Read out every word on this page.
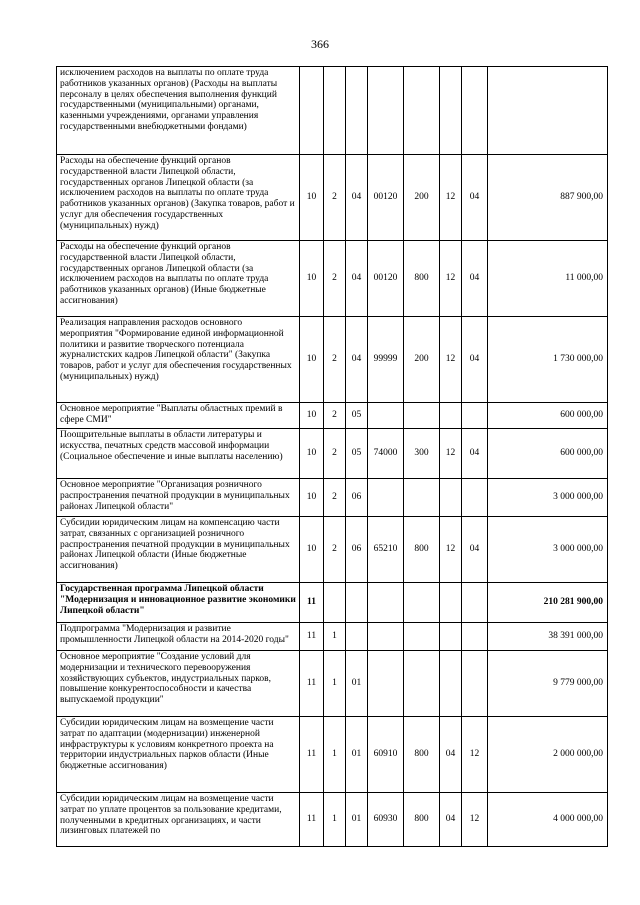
366
исключением расходов на выплаты по оплате труда работников указанных органов) (Расходы на выплаты персоналу в целях обеспечения выполнения функций государственными (муниципальными) органами, казенными учреждениями, органами управления государственными внебюджетными фондами)								
Расходы на обеспечение функций органов государственной власти Липецкой области, государственных органов Липецкой области (за исключением расходов на выплаты по оплате труда работников указанных органов) (Закупка товаров, работ и услуг для обеспечения государственных (муниципальных) нужд)	10	2	04	00120	200	12	04	887 900,00
Расходы на обеспечение функций органов государственной власти Липецкой области, государственных органов Липецкой области (за исключением расходов на выплаты по оплате труда работников указанных органов) (Иные бюджетные ассигнования)	10	2	04	00120	800	12	04	11 000,00
Реализация направления расходов основного мероприятия "Формирование единой информационной политики и развитие творческого потенциала журналистских кадров Липецкой области" (Закупка товаров, работ и услуг для обеспечения государственных (муниципальных) нужд)	10	2	04	99999	200	12	04	1 730 000,00
Основное мероприятие "Выплаты областных премий в сфере СМИ"	10	2	05					600 000,00
Поощрительные выплаты в области литературы и искусства, печатных средств массовой информации (Социальное обеспечение и иные выплаты населению)	10	2	05	74000	300	12	04	600 000,00
Основное мероприятие "Организация розничного распространения печатной продукции в муниципальных районах Липецкой области"	10	2	06					3 000 000,00
Субсидии юридическим лицам на компенсацию части затрат, связанных с организацией розничного распространения печатной продукции в муниципальных районах Липецкой области (Иные бюджетные ассигнования)	10	2	06	65210	800	12	04	3 000 000,00
Государственная программа Липецкой области "Модернизация и инновационное развитие экономики Липецкой области"	11							210 281 900,00
Подпрограмма "Модернизация и развитие промышленности Липецкой области на 2014-2020 годы"	11	1						38 391 000,00
Основное мероприятие "Создание условий для модернизации и технического перевооружения хозяйствующих субъектов, индустриальных парков, повышение конкурентоспособности и качества выпускаемой продукции"	11	1	01					9 779 000,00
Субсидии юридическим лицам на возмещение части затрат по адаптации (модернизации) инженерной инфраструктуры к условиям конкретного проекта на территории индустриальных парков области (Иные бюджетные ассигнования)	11	1	01	60910	800	04	12	2 000 000,00
Субсидии юридическим лицам на возмещение части затрат по уплате процентов за пользование кредитами, полученными в кредитных организациях, и части лизинговых платежей по	11	1	01	60930	800	04	12	4 000 000,00
